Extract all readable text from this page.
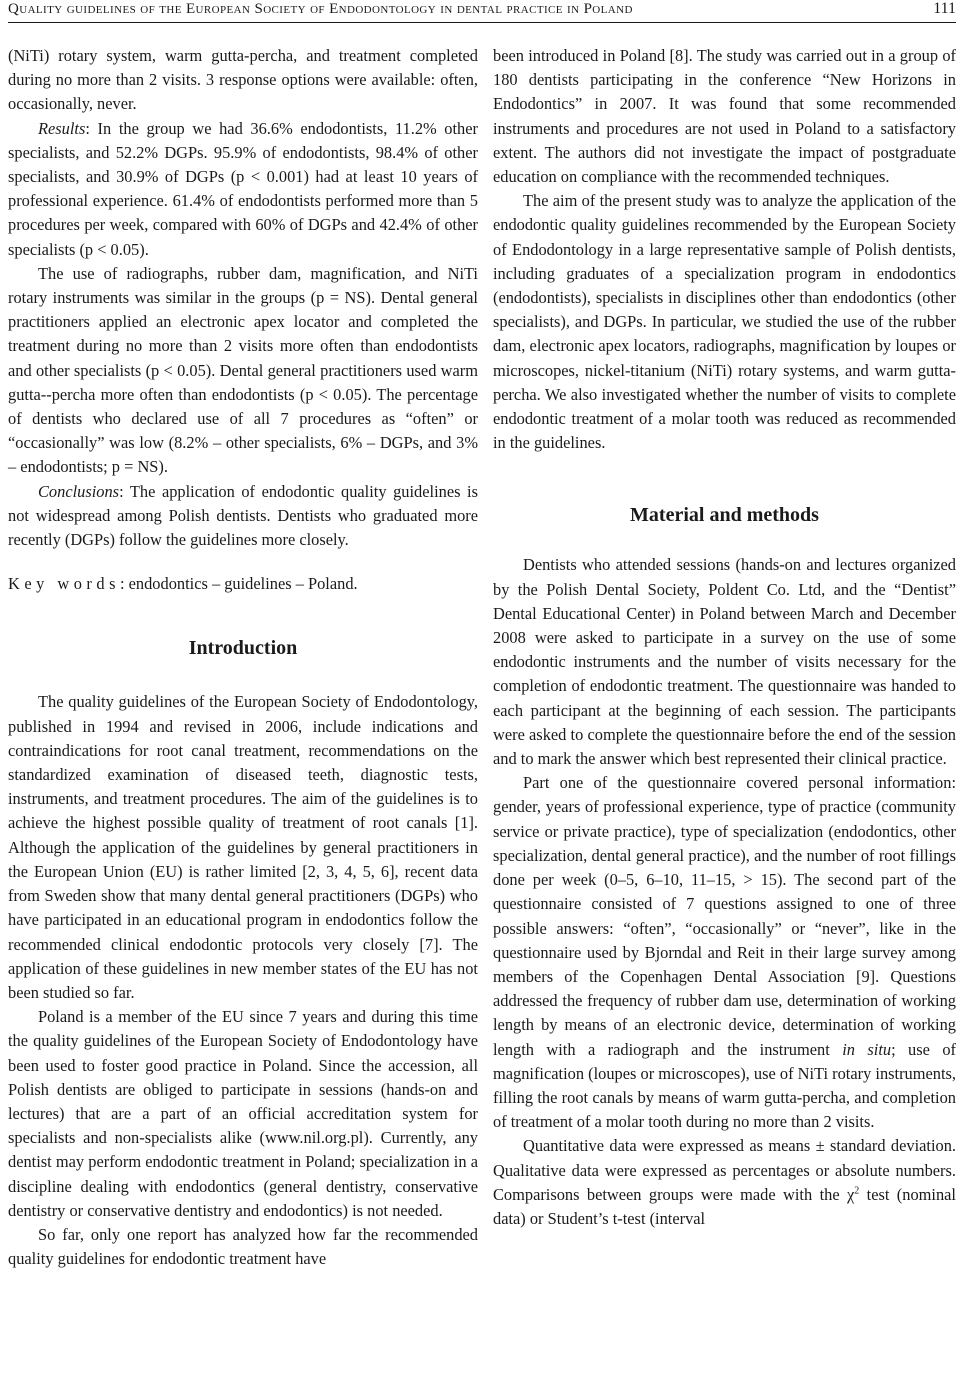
Quality guidelines of the European Society of Endodontology in dental practice in Poland	111

(NiTi) rotary system, warm gutta-percha, and treatment completed during no more than 2 visits. 3 response options were available: often, occasionally, never.

Results: In the group we had 36.6% endodontists, 11.2% other specialists, and 52.2% DGPs. 95.9% of endodontists, 98.4% of other specialists, and 30.9% of DGPs (p < 0.001) had at least 10 years of professional experience. 61.4% of endodontists performed more than 5 procedures per week, compared with 60% of DGPs and 42.4% of other specialists (p < 0.05).

The use of radiographs, rubber dam, magnification, and NiTi rotary instruments was similar in the groups (p = NS). Dental general practitioners applied an electronic apex locator and completed the treatment during no more than 2 visits more often than endodontists and other specialists (p < 0.05). Dental general practitioners used warm gutta--percha more often than endodontists (p < 0.05). The percentage of dentists who declared use of all 7 procedures as “often” or “occasionally” was low (8.2% – other specialists, 6% – DGPs, and 3% – endodontists; p = NS).

Conclusions: The application of endodontic quality guidelines is not widespread among Polish dentists. Dentists who graduated more recently (DGPs) follow the guidelines more closely.

Key words: endodontics – guidelines – Poland.

Introduction

The quality guidelines of the European Society of Endodontology, published in 1994 and revised in 2006, include indications and contraindications for root canal treatment, recommendations on the standardized examination of diseased teeth, diagnostic tests, instruments, and treatment procedures. The aim of the guidelines is to achieve the highest possible quality of treatment of root canals [1]. Although the application of the guidelines by general practitioners in the European Union (EU) is rather limited [2, 3, 4, 5, 6], recent data from Sweden show that many dental general practitioners (DGPs) who have participated in an educational program in endodontics follow the recommended clinical endodontic protocols very closely [7]. The application of these guidelines in new member states of the EU has not been studied so far.

Poland is a member of the EU since 7 years and during this time the quality guidelines of the European Society of Endodontology have been used to foster good practice in Poland. Since the accession, all Polish dentists are obliged to participate in sessions (hands-on and lectures) that are a part of an official accreditation system for specialists and non-specialists alike (www.nil.org.pl). Currently, any dentist may perform endodontic treatment in Poland; specialization in a discipline dealing with endodontics (general dentistry, conservative dentistry or conservative dentistry and endodontics) is not needed.

So far, only one report has analyzed how far the recommended quality guidelines for endodontic treatment have

been introduced in Poland [8]. The study was carried out in a group of 180 dentists participating in the conference “New Horizons in Endodontics” in 2007. It was found that some recommended instruments and procedures are not used in Poland to a satisfactory extent. The authors did not investigate the impact of postgraduate education on compliance with the recommended techniques.

The aim of the present study was to analyze the application of the endodontic quality guidelines recommended by the European Society of Endodontology in a large representative sample of Polish dentists, including graduates of a specialization program in endodontics (endodontists), specialists in disciplines other than endodontics (other specialists), and DGPs. In particular, we studied the use of the rubber dam, electronic apex locators, radiographs, magnification by loupes or microscopes, nickel-titanium (NiTi) rotary systems, and warm gutta-percha. We also investigated whether the number of visits to complete endodontic treatment of a molar tooth was reduced as recommended in the guidelines.

Material and methods

Dentists who attended sessions (hands-on and lectures organized by the Polish Dental Society, Poldent Co. Ltd, and the “Dentist” Dental Educational Center) in Poland between March and December 2008 were asked to participate in a survey on the use of some endodontic instruments and the number of visits necessary for the completion of endodontic treatment. The questionnaire was handed to each participant at the beginning of each session. The participants were asked to complete the questionnaire before the end of the session and to mark the answer which best represented their clinical practice.

Part one of the questionnaire covered personal information: gender, years of professional experience, type of practice (community service or private practice), type of specialization (endodontics, other specialization, dental general practice), and the number of root fillings done per week (0–5, 6–10, 11–15, > 15). The second part of the questionnaire consisted of 7 questions assigned to one of three possible answers: “often”, “occasionally” or “never”, like in the questionnaire used by Bjorndal and Reit in their large survey among members of the Copenhagen Dental Association [9]. Questions addressed the frequency of rubber dam use, determination of working length by means of an electronic device, determination of working length with a radiograph and the instrument in situ; use of magnification (loupes or microscopes), use of NiTi rotary instruments, filling the root canals by means of warm gutta-percha, and completion of treatment of a molar tooth during no more than 2 visits.

Quantitative data were expressed as means ± standard deviation. Qualitative data were expressed as percentages or absolute numbers. Comparisons between groups were made with the $\chi^2$ test (nominal data) or Student’s t-test (interval
